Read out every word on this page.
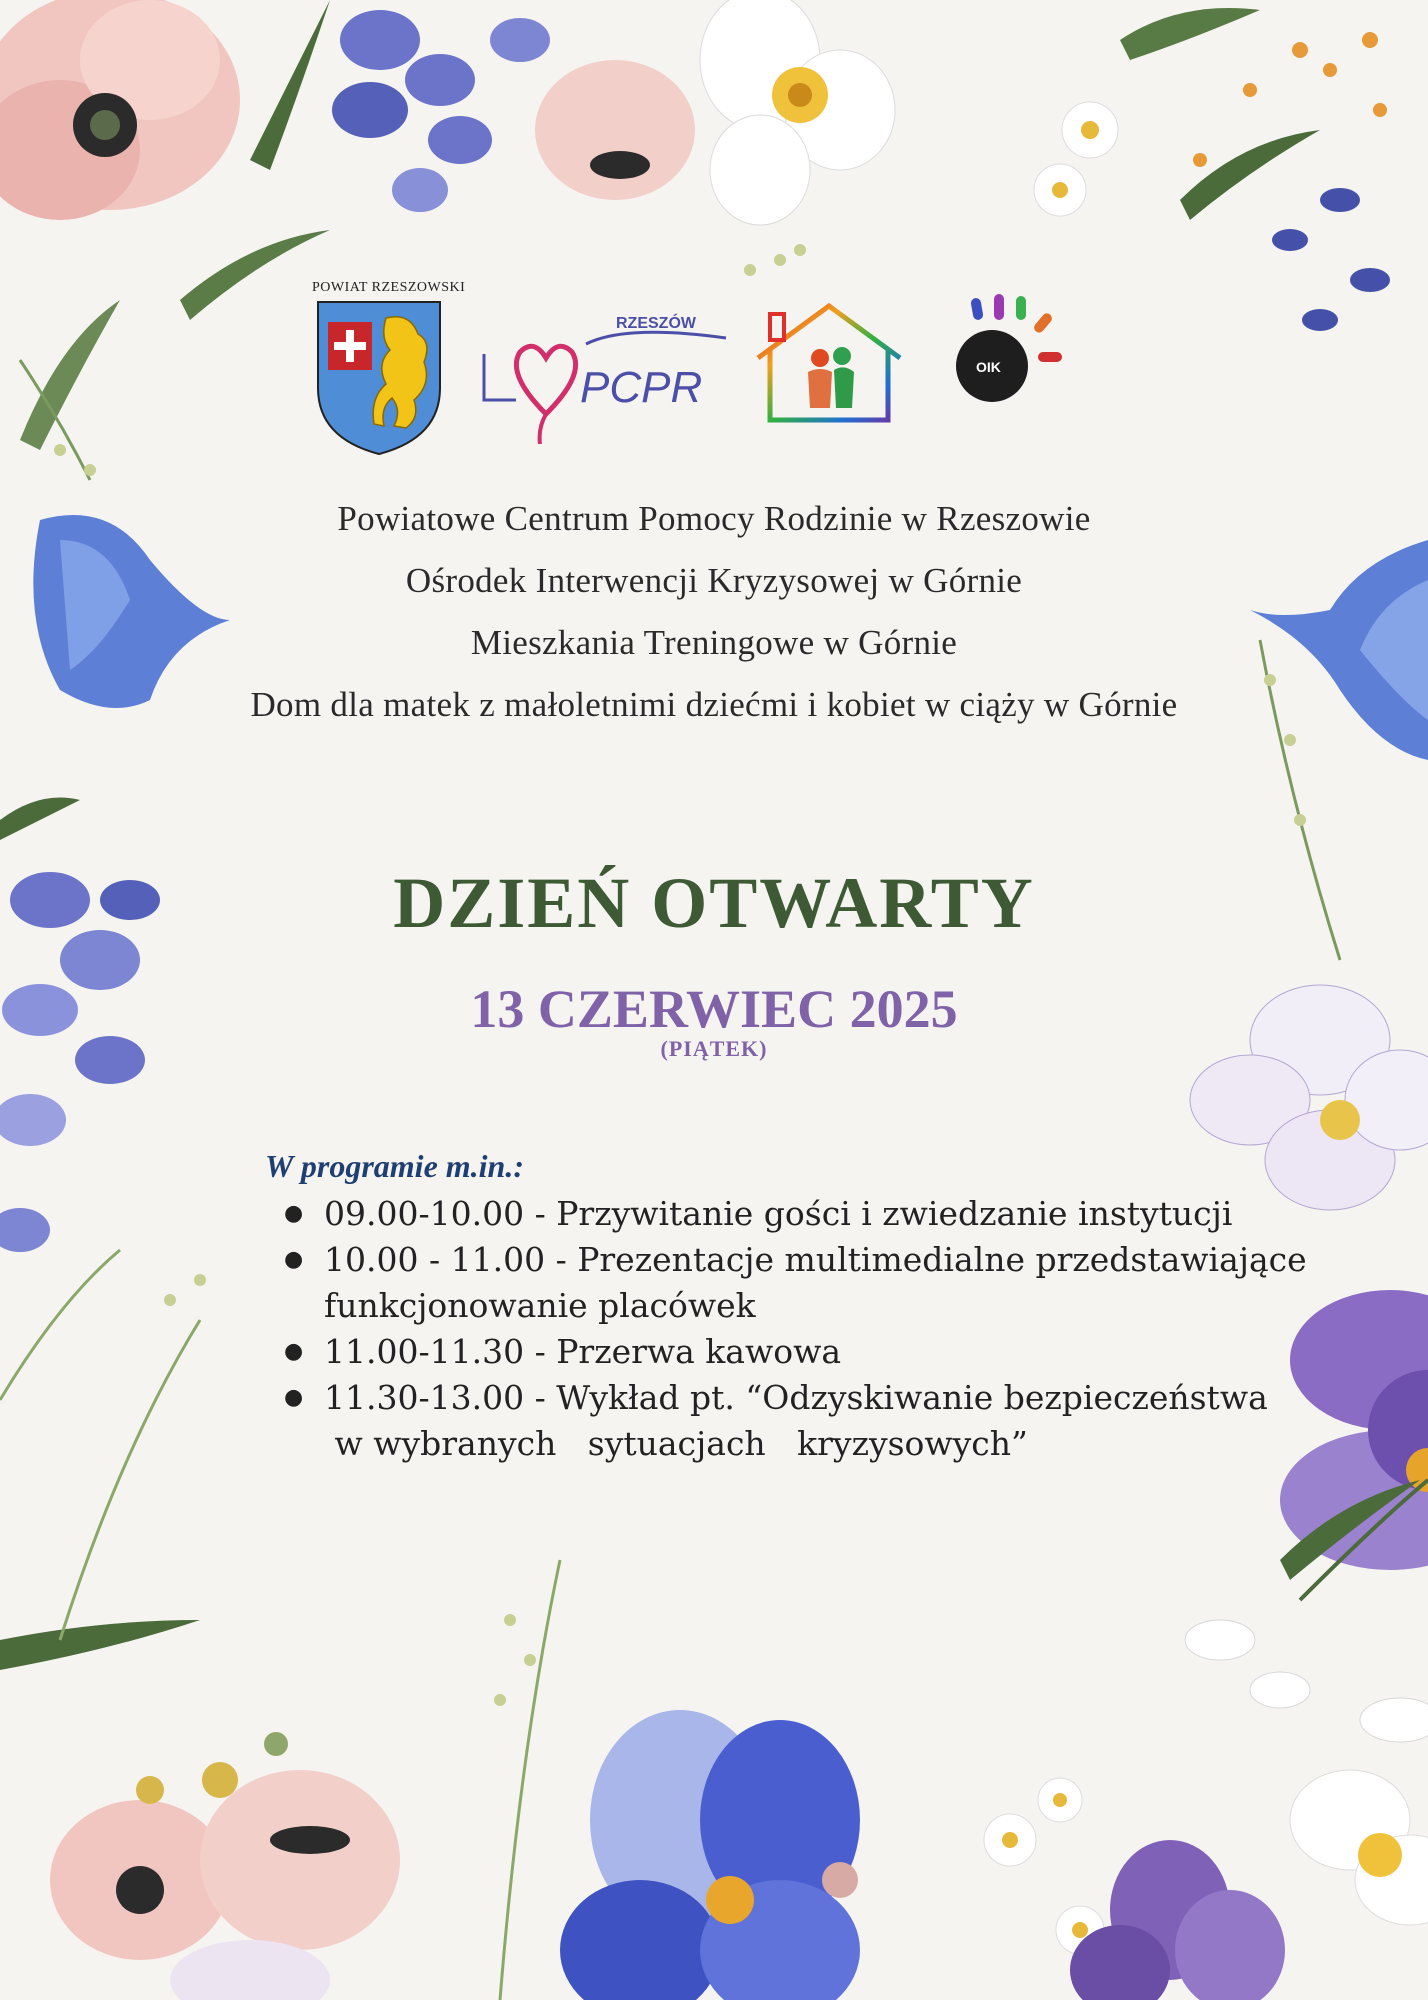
POWIAT RZESZOWSKI
RZESZÓW
PCPR	OIK
Powiatowe Centrum Pomocy Rodzinie w Rzeszowie
Ośrodek Interwencji Kryzysowej w Górnie
Mieszkania Treningowe w Górnie
Dom dla matek z małoletnimi dziećmi i kobiet w ciąży w Górnie
DZIEŃ OTWARTY
13 CZERWIEC 2025
(PIĄTEK)
W programie m.in.:
● 09.00-10.00 - Przywitanie gości i zwiedzanie instytucji
● 10.00 - 11.00 - Prezentacje multimedialne przedstawiające
funkcjonowanie placówek
● 11.00-11.30 - Przerwa kawowa
● 11.30-13.00 - Wykład pt. “Odzyskiwanie bezpieczeństwa
w wybranych   sytuacjach   kryzysowych”
